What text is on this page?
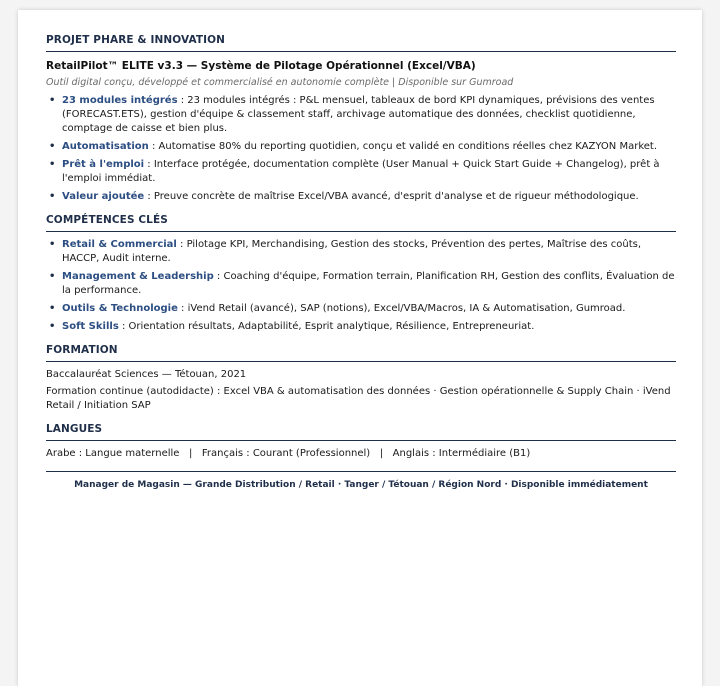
PROJET PHARE & INNOVATION
RetailPilot™ ELITE v3.3 — Système de Pilotage Opérationnel (Excel/VBA)
Outil digital conçu, développé et commercialisé en autonomie complète | Disponible sur Gumroad
• 23 modules intégrés : 23 modules intégrés : P&L mensuel, tableaux de bord KPI dynamiques, prévisions des ventes (FORECAST.ETS), gestion d'équipe & classement staff, archivage automatique des données, checklist quotidienne, comptage de caisse et bien plus.
• Automatisation : Automatise 80% du reporting quotidien, conçu et validé en conditions réelles chez KAZYON Market.
• Prêt à l'emploi : Interface protégée, documentation complète (User Manual + Quick Start Guide + Changelog), prêt à l'emploi immédiat.
• Valeur ajoutée : Preuve concrète de maîtrise Excel/VBA avancé, d'esprit d'analyse et de rigueur méthodologique.
COMPÉTENCES CLÉS
• Retail & Commercial : Pilotage KPI, Merchandising, Gestion des stocks, Prévention des pertes, Maîtrise des coûts, HACCP, Audit interne.
• Management & Leadership : Coaching d'équipe, Formation terrain, Planification RH, Gestion des conflits, Évaluation de la performance.
• Outils & Technologie : iVend Retail (avancé), SAP (notions), Excel/VBA/Macros, IA & Automatisation, Gumroad.
• Soft Skills : Orientation résultats, Adaptabilité, Esprit analytique, Résilience, Entrepreneuriat.
FORMATION
Baccalauréat Sciences — Tétouan, 2021
Formation continue (autodidacte) : Excel VBA & automatisation des données · Gestion opérationnelle & Supply Chain · iVend Retail / Initiation SAP
LANGUES
Arabe : Langue maternelle   |   Français : Courant (Professionnel)   |   Anglais : Intermédiaire (B1)
Manager de Magasin — Grande Distribution / Retail · Tanger / Tétouan / Région Nord · Disponible immédiatement
